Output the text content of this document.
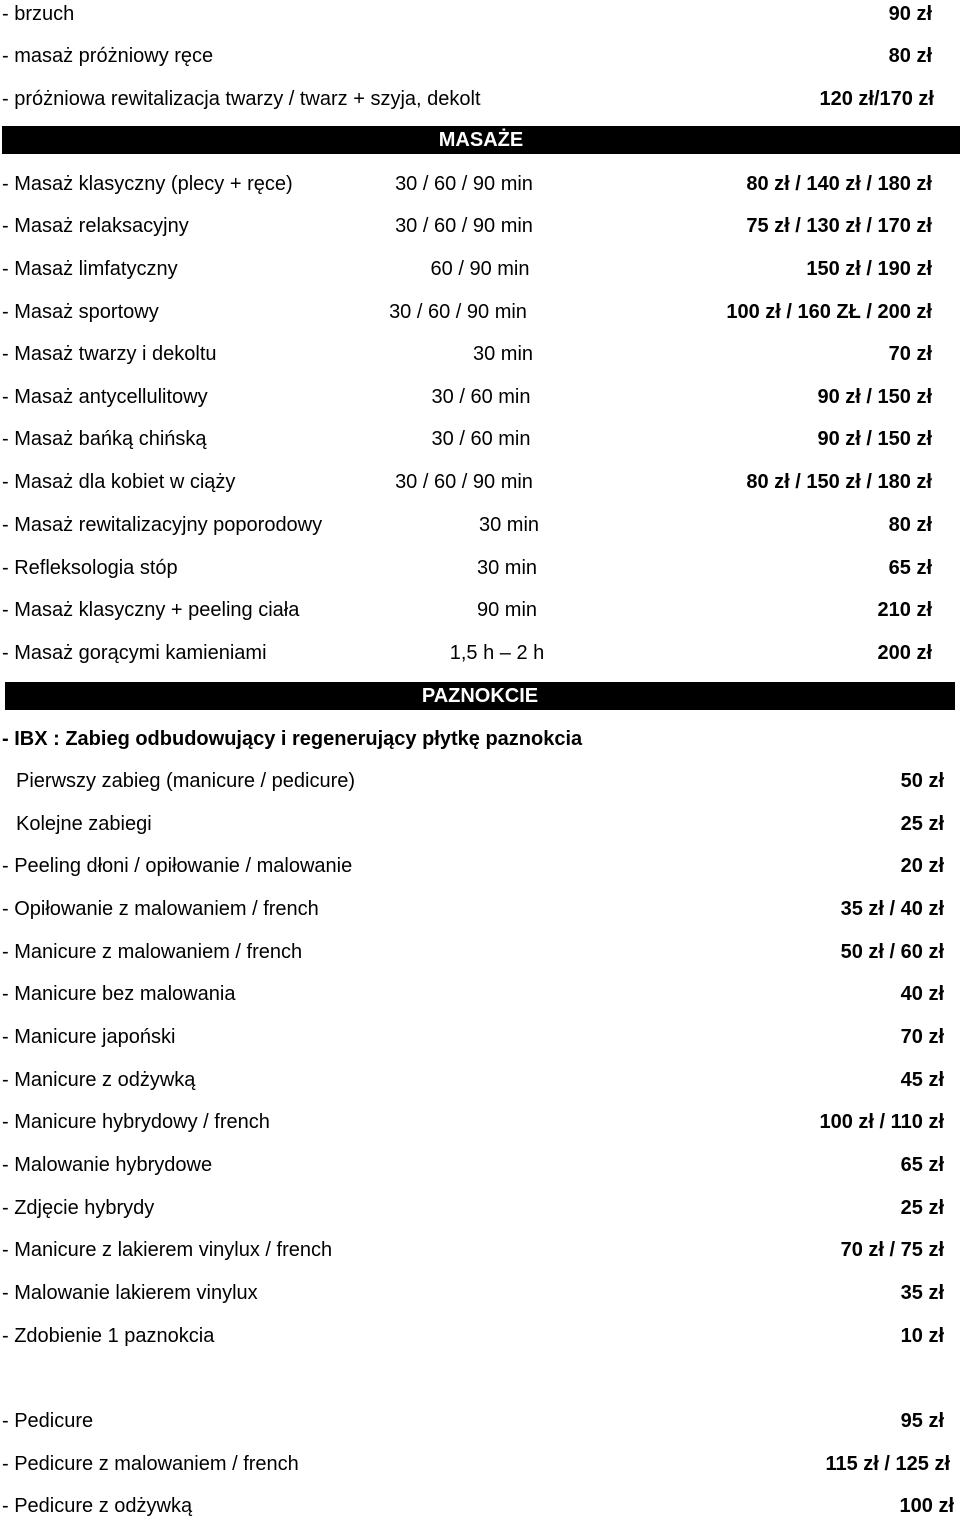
- brzuch	90 zł
- masaż próżniowy ręce	80 zł
- próżniowa rewitalizacja twarzy / twarz + szyja, dekolt	120 zł/170 zł
MASAŻE
- Masaż klasyczny (plecy + ręce)	30 / 60 / 90 min	80 zł / 140 zł / 180 zł
- Masaż relaksacyjny	30 / 60 / 90 min	75 zł / 130 zł / 170 zł
- Masaż limfatyczny	60 / 90 min	150 zł / 190 zł
- Masaż sportowy	30 / 60 / 90 min	100 zł / 160 ZŁ / 200 zł
- Masaż twarzy i dekoltu	30 min	70 zł
- Masaż antycellulitowy	30 / 60 min	90 zł / 150 zł
- Masaż bańką chińską	30 / 60 min	90 zł / 150 zł
- Masaż dla kobiet w ciąży	30 / 60 / 90 min	80 zł / 150 zł / 180 zł
- Masaż rewitalizacyjny poporodowy	30 min	80 zł
- Refleksologia stóp	30 min	65 zł
- Masaż klasyczny + peeling ciała	90 min	210 zł
- Masaż gorącymi kamieniami	1,5 h – 2 h	200 zł
PAZNOKCIE
- IBX : Zabieg odbudowujący i regenerujący płytkę paznokcia
Pierwszy zabieg (manicure / pedicure)	50 zł
Kolejne zabiegi	25 zł
- Peeling dłoni / opiłowanie / malowanie	20 zł
- Opiłowanie z malowaniem / french	35 zł / 40 zł
- Manicure z malowaniem / french	50 zł / 60 zł
- Manicure bez malowania	40 zł
- Manicure japoński	70 zł
- Manicure z odżywką	45 zł
- Manicure hybrydowy / french	100 zł / 110 zł
- Malowanie hybrydowe	65 zł
- Zdjęcie hybrydy	25 zł
- Manicure z lakierem vinylux / french	70 zł / 75 zł
- Malowanie lakierem vinylux	35 zł
- Zdobienie 1 paznokcia	10 zł
- Pedicure	95 zł
- Pedicure z malowaniem / french	115 zł / 125 zł
- Pedicure z odżywką	100 zł
